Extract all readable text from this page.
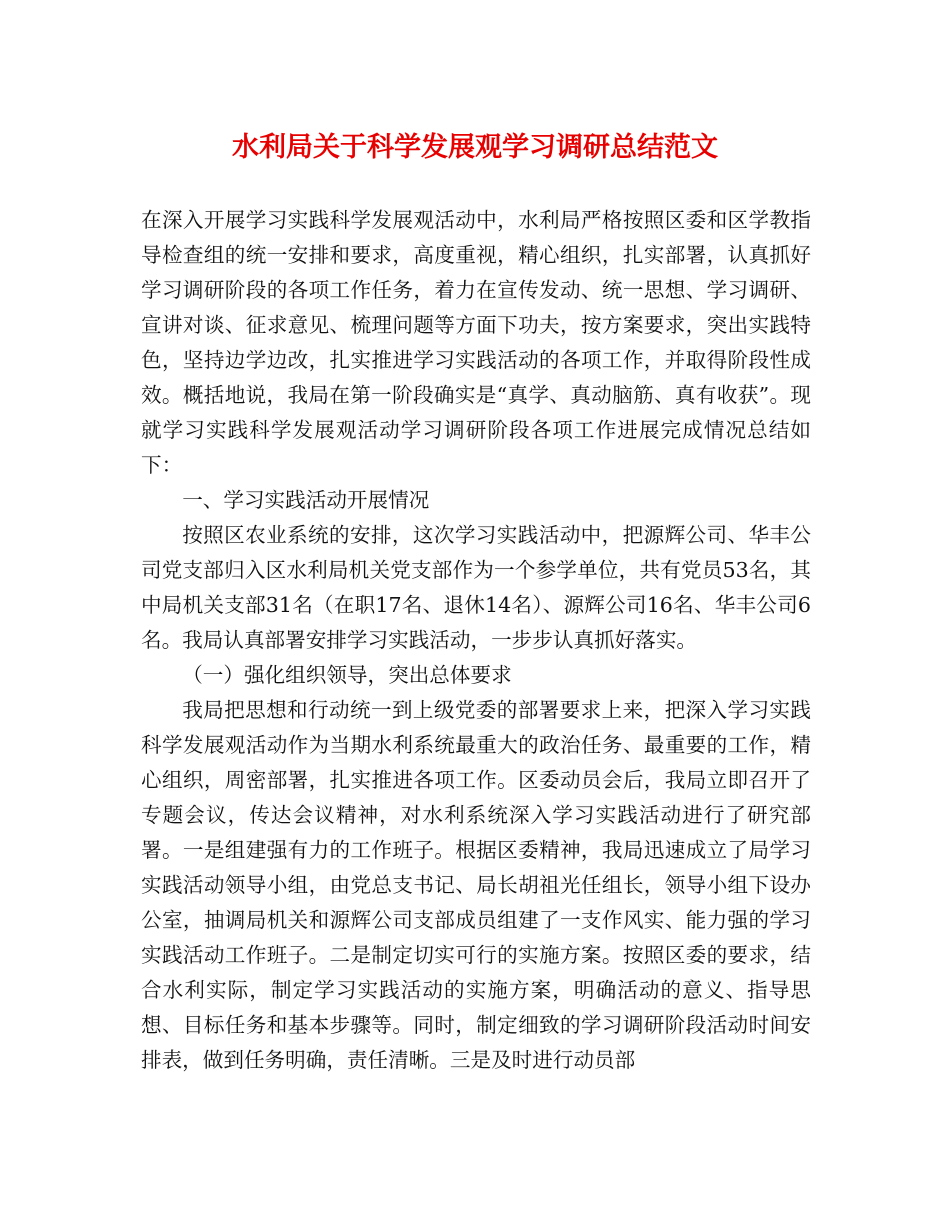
水利局关于科学发展观学习调研总结范文

在深入开展学习实践科学发展观活动中，水利局严格按照区委和区学教指导检查组的统一安排和要求，高度重视，精心组织，扎实部署，认真抓好学习调研阶段的各项工作任务，着力在宣传发动、统一思想、学习调研、宣讲对谈、征求意见、梳理问题等方面下功夫，按方案要求，突出实践特色，坚持边学边改，扎实推进学习实践活动的各项工作，并取得阶段性成效。概括地说，我局在第一阶段确实是“真学、真动脑筋、真有收获”。现就学习实践科学发展观活动学习调研阶段各项工作进展完成情况总结如下：

一、学习实践活动开展情况

按照区农业系统的安排，这次学习实践活动中，把源辉公司、华丰公司党支部归入区水利局机关党支部作为一个参学单位，共有党员53名，其中局机关支部31名（在职17名、退休14名）、源辉公司16名、华丰公司6名。我局认真部署安排学习实践活动，一步步认真抓好落实。

（一）强化组织领导，突出总体要求

我局把思想和行动统一到上级党委的部署要求上来，把深入学习实践科学发展观活动作为当期水利系统最重大的政治任务、最重要的工作，精心组织，周密部署，扎实推进各项工作。区委动员会后，我局立即召开了专题会议，传达会议精神，对水利系统深入学习实践活动进行了研究部署。一是组建强有力的工作班子。根据区委精神，我局迅速成立了局学习实践活动领导小组，由党总支书记、局长胡祖光任组长，领导小组下设办公室，抽调局机关和源辉公司支部成员组建了一支作风实、能力强的学习实践活动工作班子。二是制定切实可行的实施方案。按照区委的要求，结合水利实际，制定学习实践活动的实施方案，明确活动的意义、指导思想、目标任务和基本步骤等。同时，制定细致的学习调研阶段活动时间安排表，做到任务明确，责任清晰。三是及时进行动员部
